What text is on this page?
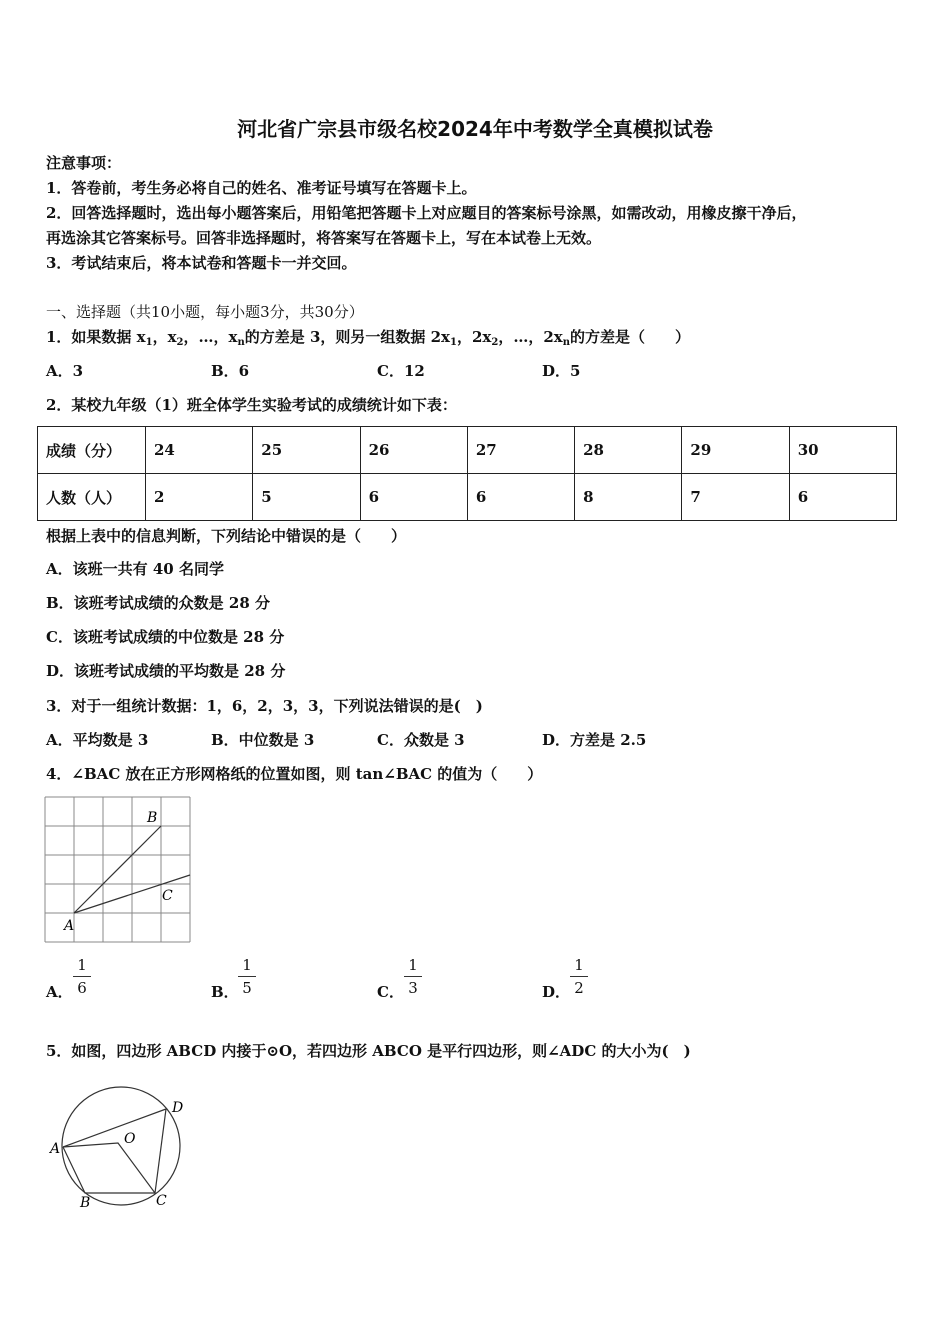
河北省广宗县市级名校2024年中考数学全真模拟试卷
注意事项：
1．答卷前，考生务必将自己的姓名、准考证号填写在答题卡上。
2．回答选择题时，选出每小题答案后，用铅笔把答题卡上对应题目的答案标号涂黑，如需改动，用橡皮擦干净后，
再选涂其它答案标号。回答非选择题时，将答案写在答题卡上，写在本试卷上无效。
3．考试结束后，将本试卷和答题卡一并交回。
一、选择题（共10小题，每小题3分，共30分）
1．如果数据 $x_1$，$x_2$，…，$x_n$的方差是 3，则另一组数据 $2x_1$，$2x_2$，…，$2x_n$的方差是（　　）
A．3	B．6	C．12	D．5
2．某校九年级（1）班全体学生实验考试的成绩统计如下表：
成绩（分）	24	25	26	27	28	29	30
人数（人）	2	5	6	6	8	7	6
根据上表中的信息判断，下列结论中错误的是（　　）
A．该班一共有 40 名同学
B．该班考试成绩的众数是 28 分
C．该班考试成绩的中位数是 28 分
D．该班考试成绩的平均数是 28 分
3．对于一组统计数据：1，6，2，3，3，下列说法错误的是(　)
A．平均数是 3	B．中位数是 3	C．众数是 3	D．方差是 2.5
4．∠BAC 放在正方形网格纸的位置如图，则 tan∠BAC 的值为（　　）
A
B
C
A．
1
6	B．
1
5	C．
1
3	D．
1
2
5．如图，四边形 ABCD 内接于⊙O，若四边形 ABCO 是平行四边形，则∠ADC 的大小为(　)
A
B	C
D
O
